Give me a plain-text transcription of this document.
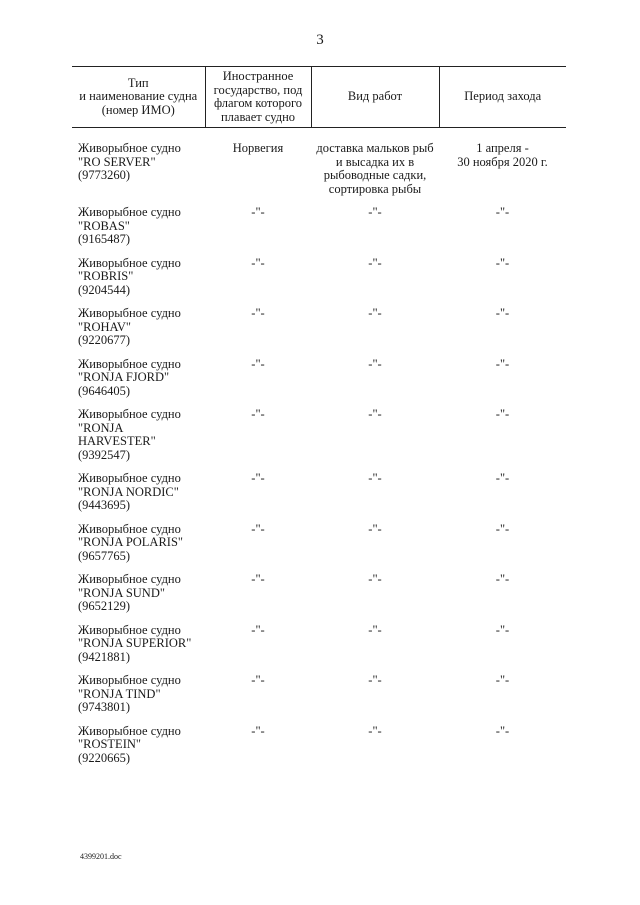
3
Тип
и наименование судна
(номер ИМО)	Иностранное
государство, под
флагом которого
плавает судно	Вид работ	Период захода

Живорыбное судно
"RO SERVER"
(9773260)	Норвегия	доставка мальков рыб и высадка их в рыбоводные садки, сортировка рыбы	1 апреля -
30 ноября 2020 г.

Живорыбное судно
"ROBAS"
(9165487)	-"-	-"-	-"-

Живорыбное судно
"ROBRIS"
(9204544)	-"-	-"-	-"-

Живорыбное судно
"ROHAV"
(9220677)	-"-	-"-	-"-

Живорыбное судно
"RONJA FJORD"
(9646405)	-"-	-"-	-"-

Живорыбное судно
"RONJA
HARVESTER"
(9392547)	-"-	-"-	-"-

Живорыбное судно
"RONJA NORDIC"
(9443695)	-"-	-"-	-"-

Живорыбное судно
"RONJA POLARIS"
(9657765)	-"-	-"-	-"-

Живорыбное судно
"RONJA SUND"
(9652129)	-"-	-"-	-"-

Живорыбное судно
"RONJA SUPERIOR"
(9421881)	-"-	-"-	-"-

Живорыбное судно
"RONJA TIND"
(9743801)	-"-	-"-	-"-

Живорыбное судно
"ROSTEIN"
(9220665)	-"-	-"-	-"-
4399201.doc
